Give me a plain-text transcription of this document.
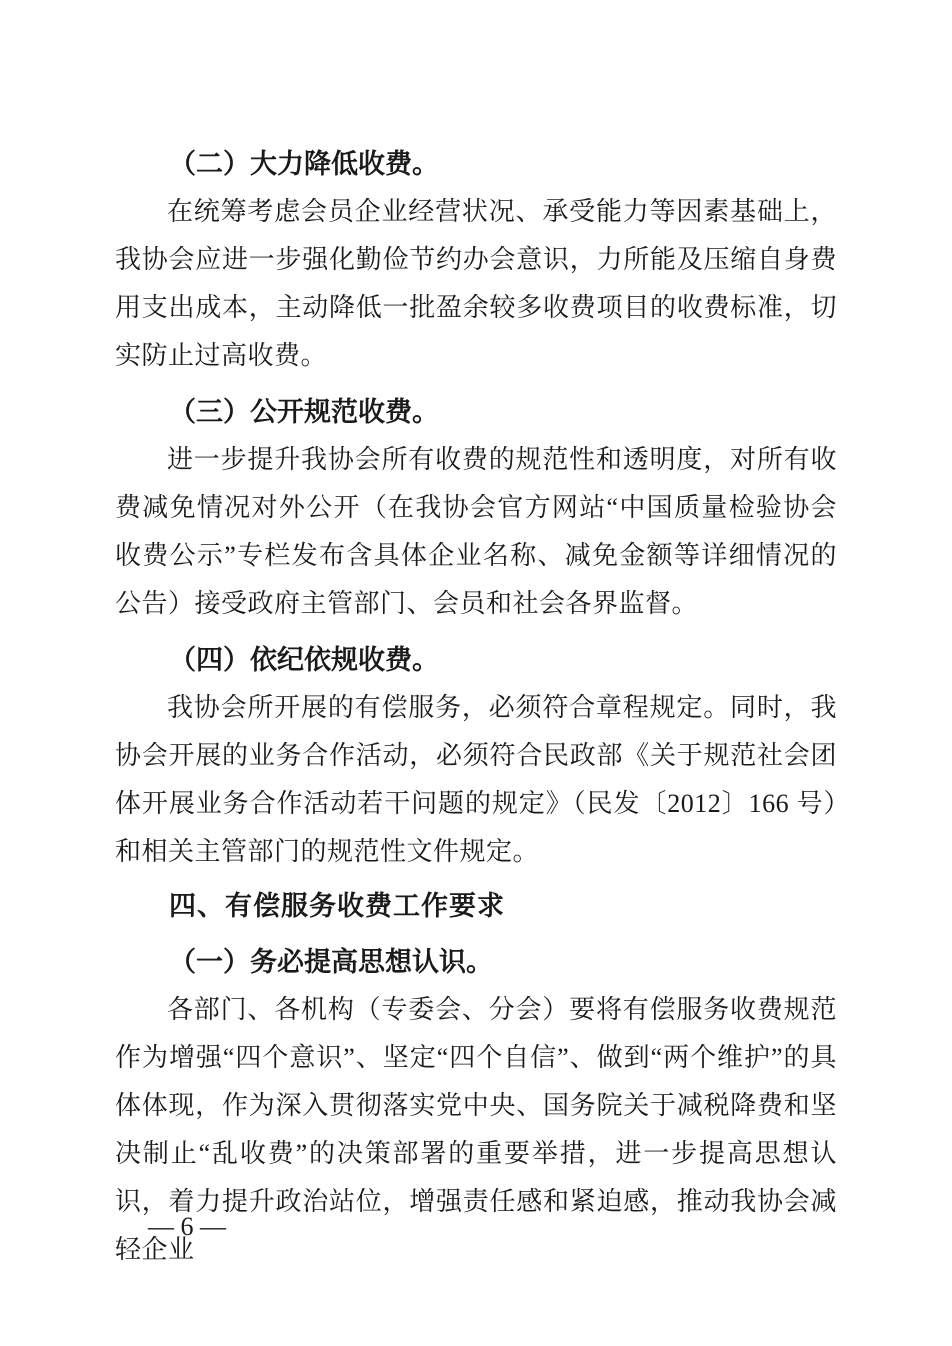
（二）大力降低收费。

在统筹考虑会员企业经营状况、承受能力等因素基础上，我协会应进一步强化勤俭节约办会意识，力所能及压缩自身费用支出成本，主动降低一批盈余较多收费项目的收费标准，切实防止过高收费。

（三）公开规范收费。

进一步提升我协会所有收费的规范性和透明度，对所有收费减免情况对外公开（在我协会官方网站“中国质量检验协会收费公示”专栏发布含具体企业名称、减免金额等详细情况的公告）接受政府主管部门、会员和社会各界监督。

（四）依纪依规收费。

我协会所开展的有偿服务，必须符合章程规定。同时，我协会开展的业务合作活动，必须符合民政部《关于规范社会团体开展业务合作活动若干问题的规定》（民发〔2012〕166 号）和相关主管部门的规范性文件规定。

四、有偿服务收费工作要求
（一）务必提高思想认识。

各部门、各机构（专委会、分会）要将有偿服务收费规范作为增强“四个意识”、坚定“四个自信”、做到“两个维护”的具体体现，作为深入贯彻落实党中央、国务院关于减税降费和坚决制止“乱收费”的决策部署的重要举措，进一步提高思想认识，着力提升政治站位，增强责任感和紧迫感，推动我协会减轻企业

— 6 —
